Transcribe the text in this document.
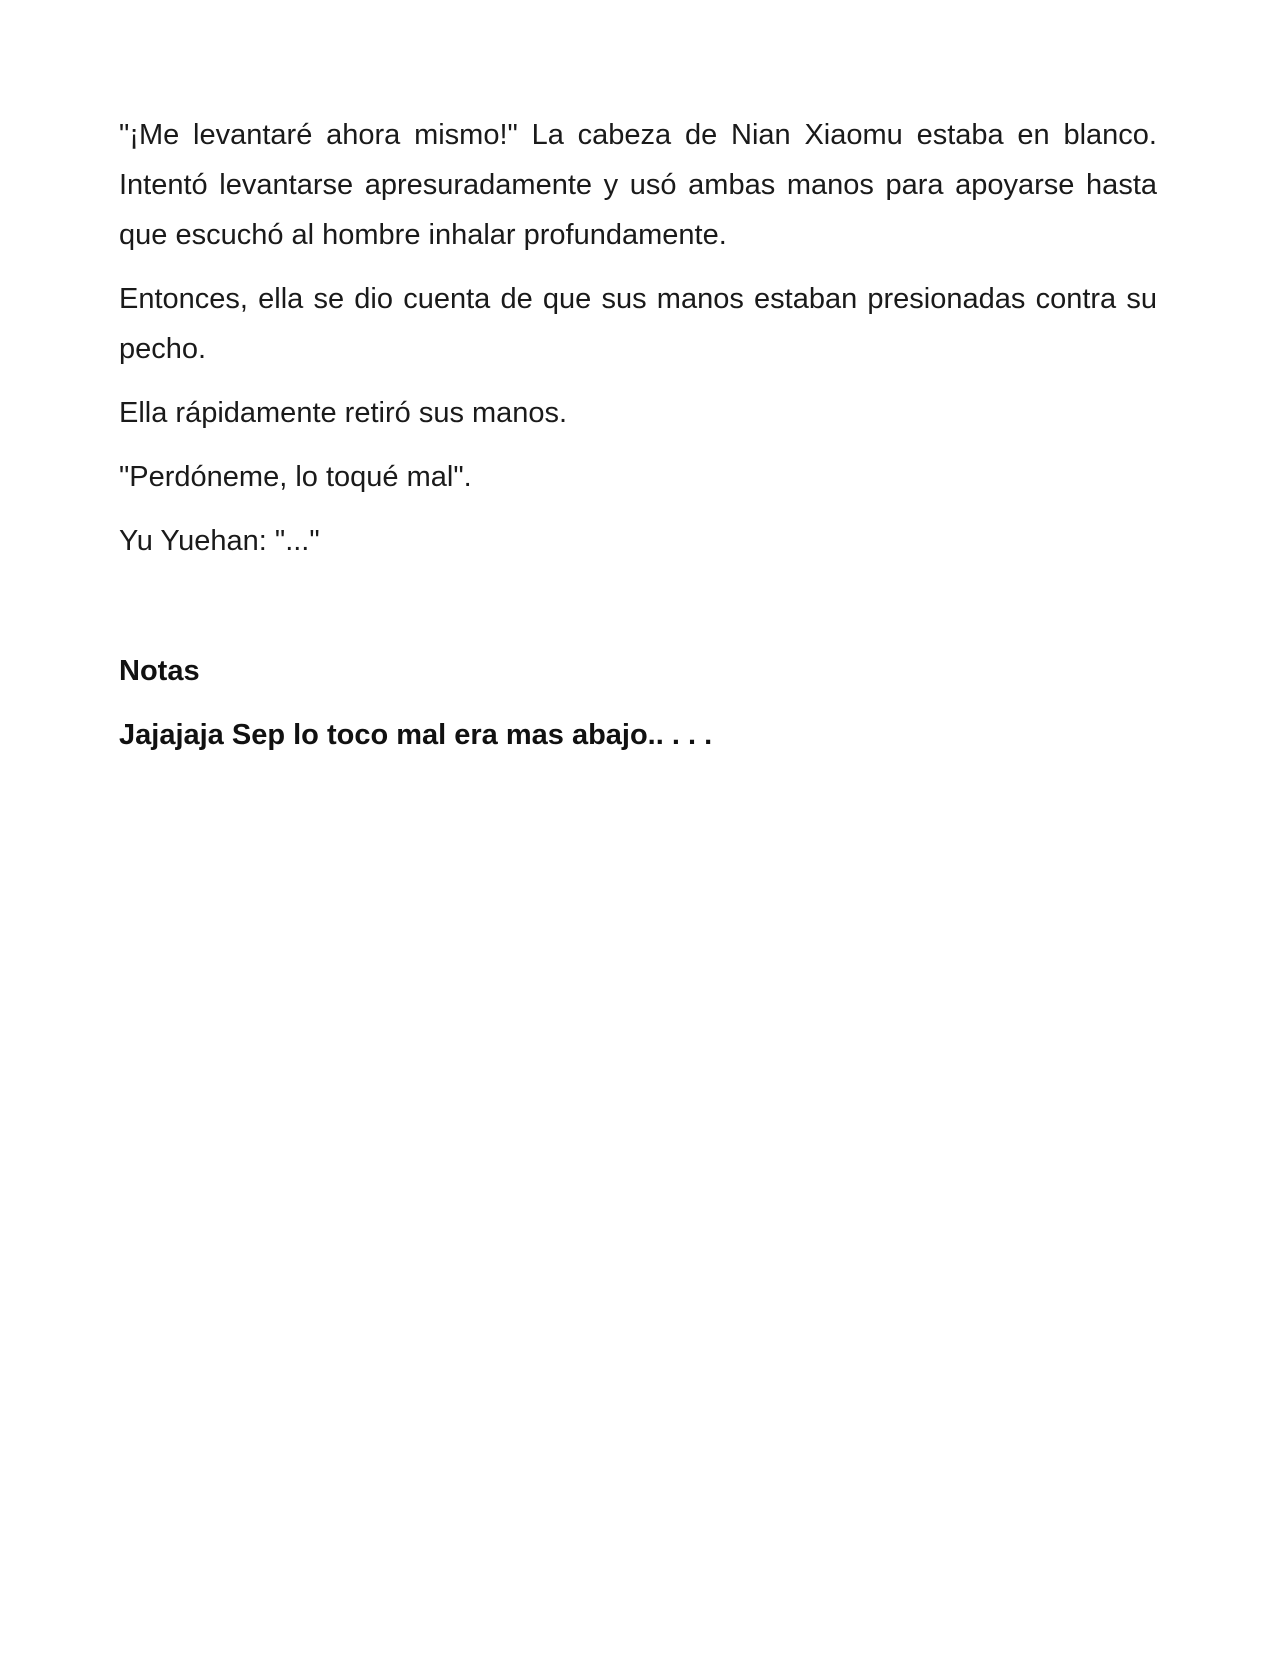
"¡Me levantaré ahora mismo!" La cabeza de Nian Xiaomu estaba en blanco. Intentó levantarse apresuradamente y usó ambas manos para apoyarse hasta que escuchó al hombre inhalar profundamente.

Entonces, ella se dio cuenta de que sus manos estaban presionadas contra su pecho.

Ella rápidamente retiró sus manos.

"Perdóneme, lo toqué mal".

Yu Yuehan: "..."

Notas

Jajajaja Sep lo toco mal era mas abajo.. . . .
